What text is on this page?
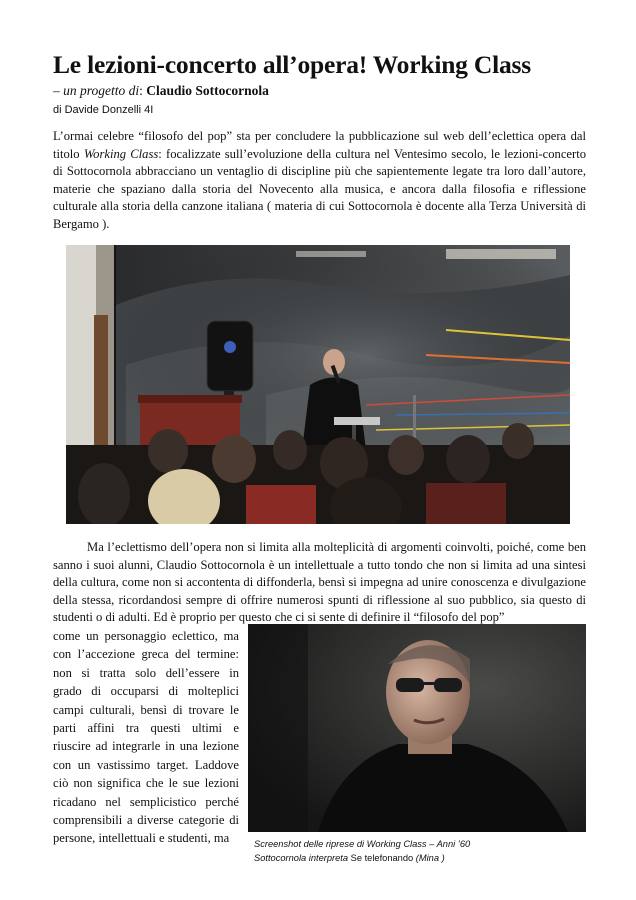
Le lezioni-concerto all’opera! Working Class
– un progetto di: Claudio Sottocornola
di Davide Donzelli 4I

L’ormai celebre “filosofo del pop” sta per concludere la pubblicazione sul web dell’eclettica opera dal titolo Working Class: focalizzate sull’evoluzione della cultura nel Ventesimo secolo, le lezioni-concerto di Sottocornola abbracciano un ventaglio di discipline più che sapientemente legate tra loro dall’autore, materie che spaziano dalla storia del Novecento alla musica, e ancora dalla filosofia e riflessione culturale alla storia della canzone italiana ( materia di cui Sottocornola è docente alla Terza Università di Bergamo ).

Ma l’eclettismo dell’opera non si limita alla molteplicità di argomenti coinvolti, poiché, come ben sanno i suoi alunni, Claudio Sottocornola è un intellettuale a tutto tondo che non si limita ad una sintesi della cultura, come non si accontenta di diffonderla, bensì si impegna ad unire conoscenza e divulgazione della stessa, ricordandosi sempre di offrire numerosi spunti di riflessione al suo pubblico, sia questo di studenti o di adulti. Ed è proprio per questo che ci si sente di definire il “filosofo del pop”

come un personaggio eclettico, ma
con l’accezione greca del termine:
non si tratta solo dell’essere in
grado di occuparsi di molteplici
campi culturali, bensì di trovare le
parti affini tra questi ultimi e
riuscire ad integrarle in una lezione
con un vastissimo target. Laddove
ciò non significa che le sue lezioni
ricadano nel semplicistico perché
comprensibili a diverse categorie di
persone, intellettuali e studenti, ma	Screenshot delle riprese di Working Class – Anni ’60
Sottocornola interpreta Se telefonando (Mina )
